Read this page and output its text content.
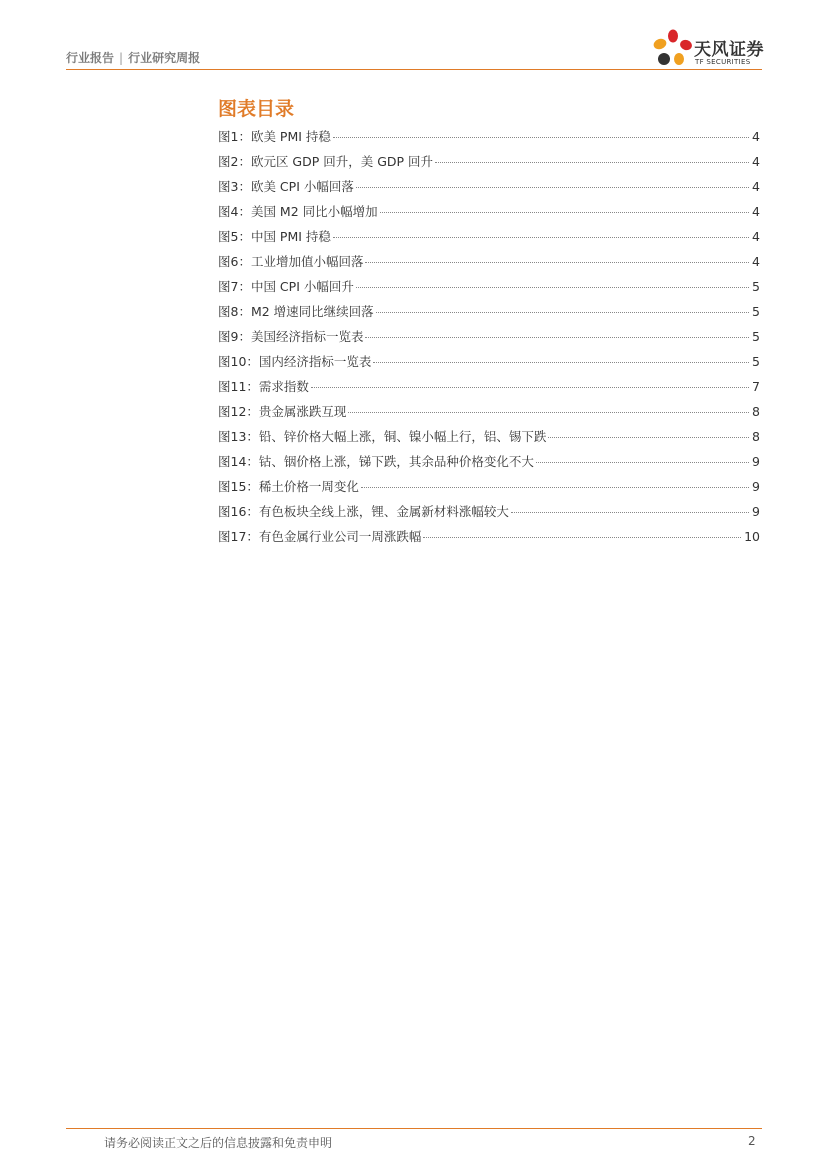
行业报告 | 行业研究周报	天风证券
TF SECURITIES
图表目录
图1：欧美 PMI 持稳	4
图2：欧元区 GDP 回升，美 GDP 回升	4
图3：欧美 CPI 小幅回落	4
图4：美国 M2 同比小幅增加	4
图5：中国 PMI 持稳	4
图6：工业增加值小幅回落	4
图7：中国 CPI 小幅回升	5
图8：M2 增速同比继续回落	5
图9：美国经济指标一览表	5
图10：国内经济指标一览表	5
图11：需求指数	7
图12：贵金属涨跌互现	8
图13：铅、锌价格大幅上涨，铜、镍小幅上行，铝、锡下跌	8
图14：钴、铟价格上涨，锑下跌，其余品种价格变化不大	9
图15：稀土价格一周变化	9
图16：有色板块全线上涨，锂、金属新材料涨幅较大	9
图17：有色金属行业公司一周涨跌幅	10
请务必阅读正文之后的信息披露和免责申明	2
